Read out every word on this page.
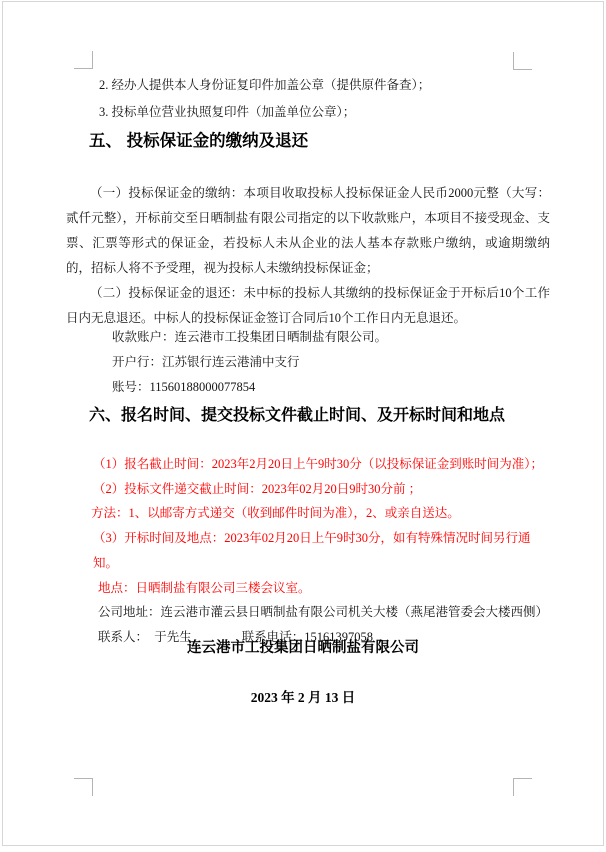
2. 经办人提供本人身份证复印件加盖公章（提供原件备查）；
3. 投标单位营业执照复印件（加盖单位公章）；
五、 投标保证金的缴纳及退还
（一）投标保证金的缴纳：本项目收取投标人投标保证金人民币2000元整（大写：贰仟元整），开标前交至日晒制盐有限公司指定的以下收款账户，本项目不接受现金、支票、汇票等形式的保证金，若投标人未从企业的法人基本存款账户缴纳，或逾期缴纳的，招标人将不予受理，视为投标人未缴纳投标保证金；
（二）投标保证金的退还：未中标的投标人其缴纳的投标保证金于开标后10个工作日内无息退还。中标人的投标保证金签订合同后10个工作日内无息退还。
收款账户：连云港市工投集团日晒制盐有限公司。
开户行：江苏银行连云港浦中支行
账号：11560188000077854
六、报名时间、提交投标文件截止时间、及开标时间和地点
（1）报名截止时间：2023年2月20日上午9时30分（以投标保证金到账时间为准）；
（2）投标文件递交截止时间：2023年02月20日9时30分前 ；
方法：1、以邮寄方式递交（收到邮件时间为准），2、或亲自送达。
（3）开标时间及地点：2023年02月20日上午9时30分，如有特殊情况时间另行通知。
地点：日晒制盐有限公司三楼会议室。
公司地址：连云港市灌云县日晒制盐有限公司机关大楼（燕尾港管委会大楼西侧）
联系人：　于先生	联系电话：15161397058
连云港市工投集团日晒制盐有限公司
2023 年 2 月 13 日
